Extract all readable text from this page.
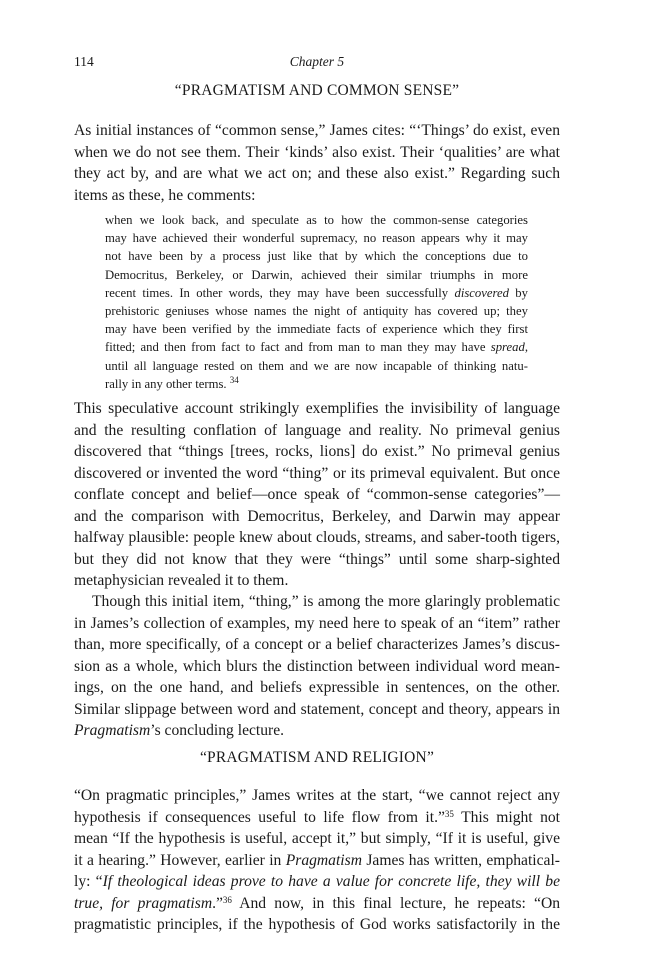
114	Chapter 5
“PRAGMATISM AND COMMON SENSE”
As initial instances of “common sense,” James cites: “‘Things’ do exist, even
when we do not see them. Their ‘kinds’ also exist. Their ‘qualities’ are what
they act by, and are what we act on; and these also exist.” Regarding such
items as these, he comments:
when we look back, and speculate as to how the common-sense categories
may have achieved their wonderful supremacy, no reason appears why it may
not have been by a process just like that by which the conceptions due to
Democritus, Berkeley, or Darwin, achieved their similar triumphs in more
recent times. In other words, they may have been successfully discovered by
prehistoric geniuses whose names the night of antiquity has covered up; they
may have been verified by the immediate facts of experience which they first
fitted; and then from fact to fact and from man to man they may have spread,
until all language rested on them and we are now incapable of thinking natu-
rally in any other terms. $^{34}$
This speculative account strikingly exemplifies the invisibility of language
and the resulting conflation of language and reality. No primeval genius
discovered that “things [trees, rocks, lions] do exist.” No primeval genius
discovered or invented the word “thing” or its primeval equivalent. But once
conflate concept and belief—once speak of “common-sense categories”—
and the comparison with Democritus, Berkeley, and Darwin may appear
halfway plausible: people knew about clouds, streams, and saber-tooth tigers,
but they did not know that they were “things” until some sharp-sighted
metaphysician revealed it to them.
Though this initial item, “thing,” is among the more glaringly problematic
in James’s collection of examples, my need here to speak of an “item” rather
than, more specifically, of a concept or a belief characterizes James’s discus-
sion as a whole, which blurs the distinction between individual word mean-
ings, on the one hand, and beliefs expressible in sentences, on the other.
Similar slippage between word and statement, concept and theory, appears in
Pragmatism’s concluding lecture.
“PRAGMATISM AND RELIGION”
“On pragmatic principles,” James writes at the start, “we cannot reject any
hypothesis if consequences useful to life flow from it.”$^{35}$ This might not
mean “If the hypothesis is useful, accept it,” but simply, “If it is useful, give
it a hearing.” However, earlier in Pragmatism James has written, emphatical-
ly: “If theological ideas prove to have a value for concrete life, they will be
true, for pragmatism.”$^{36}$ And now, in this final lecture, he repeats: “On
pragmatistic principles, if the hypothesis of God works satisfactorily in the
